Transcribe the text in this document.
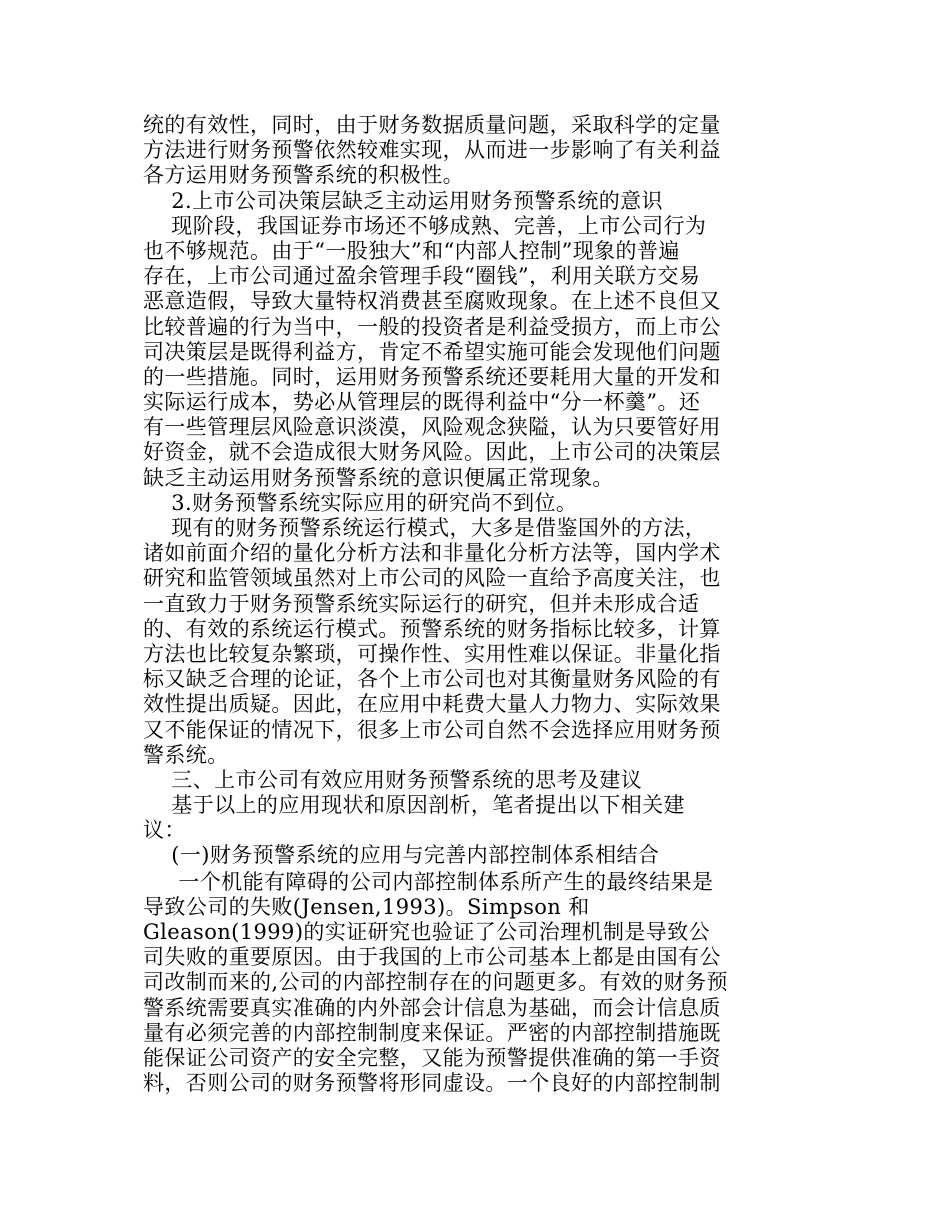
统的有效性，同时，由于财务数据质量问题，采取科学的定量
方法进行财务预警依然较难实现，从而进一步影响了有关利益
各方运用财务预警系统的积极性。
2.上市公司决策层缺乏主动运用财务预警系统的意识
现阶段，我国证券市场还不够成熟、完善，上市公司行为
也不够规范。由于“一股独大”和“内部人控制”现象的普遍
存在，上市公司通过盈余管理手段“圈钱”，利用关联方交易
恶意造假，导致大量特权消费甚至腐败现象。在上述不良但又
比较普遍的行为当中，一般的投资者是利益受损方，而上市公
司决策层是既得利益方，肯定不希望实施可能会发现他们问题
的一些措施。同时，运用财务预警系统还要耗用大量的开发和
实际运行成本，势必从管理层的既得利益中“分一杯羹”。还
有一些管理层风险意识淡漠，风险观念狭隘，认为只要管好用
好资金，就不会造成很大财务风险。因此，上市公司的决策层
缺乏主动运用财务预警系统的意识便属正常现象。
3.财务预警系统实际应用的研究尚不到位。
现有的财务预警系统运行模式，大多是借鉴国外的方法，
诸如前面介绍的量化分析方法和非量化分析方法等，国内学术
研究和监管领域虽然对上市公司的风险一直给予高度关注，也
一直致力于财务预警系统实际运行的研究，但并未形成合适
的、有效的系统运行模式。预警系统的财务指标比较多，计算
方法也比较复杂繁琐，可操作性、实用性难以保证。非量化指
标又缺乏合理的论证，各个上市公司也对其衡量财务风险的有
效性提出质疑。因此，在应用中耗费大量人力物力、实际效果
又不能保证的情况下，很多上市公司自然不会选择应用财务预
警系统。
三、上市公司有效应用财务预警系统的思考及建议
基于以上的应用现状和原因剖析，笔者提出以下相关建
议：
(一)财务预警系统的应用与完善内部控制体系相结合
一个机能有障碍的公司内部控制体系所产生的最终结果是
导致公司的失败(Jensen,1993)。Simpson 和
Gleason(1999)的实证研究也验证了公司治理机制是导致公
司失败的重要原因。由于我国的上市公司基本上都是由国有公
司改制而来的,公司的内部控制存在的问题更多。有效的财务预
警系统需要真实准确的内外部会计信息为基础，而会计信息质
量有必须完善的内部控制制度来保证。严密的内部控制措施既
能保证公司资产的安全完整，又能为预警提供准确的第一手资
料，否则公司的财务预警将形同虚设。一个良好的内部控制制
